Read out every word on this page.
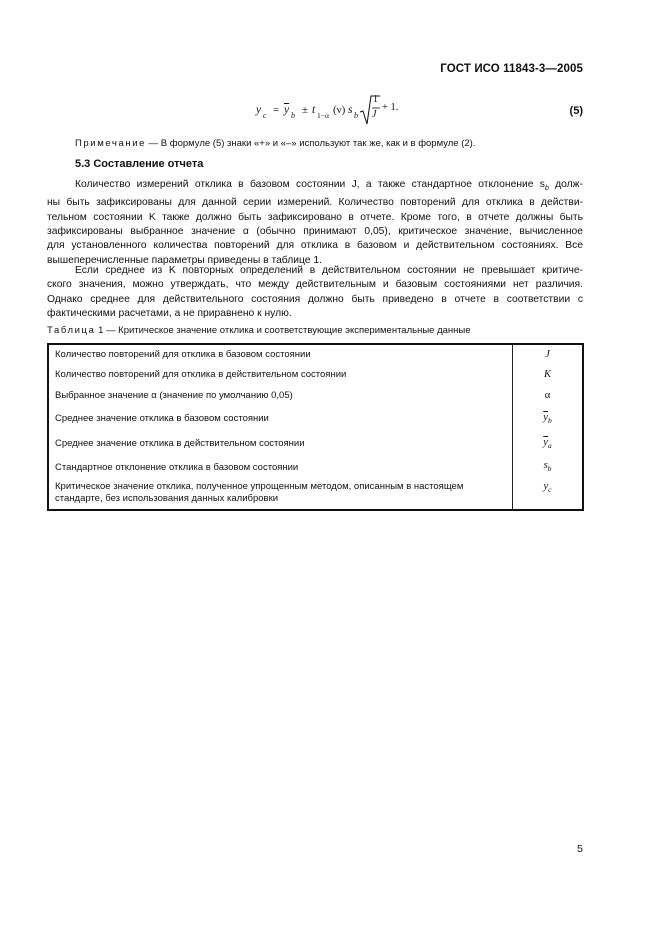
ГОСТ ИСО 11843-3—2005
y $c = \overline{y}$ b ± t 1−α (ν) s b
1
J
+ 1.	(5)
Примечание — В формуле (5) знаки «+» и «–» используют так же, как и в формуле (2).
5.3 Составление отчета
Количество измерений отклика в базовом состоянии J, а также стандартное отклонение $s_b$ долж-
ны быть зафиксированы для данной серии измерений. Количество повторений для отклика в действи-
тельном состоянии K также должно быть зафиксировано в отчете. Кроме того, в отчете должны быть
зафиксированы выбранное значение α (обычно принимают 0,05), критическое значение, вычисленное
для установленного количества повторений для отклика в базовом и действительном состояниях. Все
вышеперечисленные параметры приведены в таблице 1.
Если среднее из K повторных определений в действительном состоянии не превышает критиче-
ского значения, можно утверждать, что между действительным и базовым состояниями нет различия.
Однако среднее для действительного состояния должно быть приведено в отчете в соответствии с
фактическими расчетами, а не приравнено к нулю.
Таблица 1 — Критическое значение отклика и соответствующие экспериментальные данные
Количество повторений для отклика в базовом состоянии	J
Количество повторений для отклика в действительном состоянии	K
Выбранное значение α (значение по умолчанию 0,05)	α
Среднее значение отклика в базовом состоянии	$\overline{y}_b$
Среднее значение отклика в действительном состоянии	$\overline{y}_a$
Стандартное отклонение отклика в базовом состоянии	$s_b$
Критическое значение отклика, полученное упрощенным методом, описанным в настоящем стандарте, без использования данных калибровки	$y_c$
5
